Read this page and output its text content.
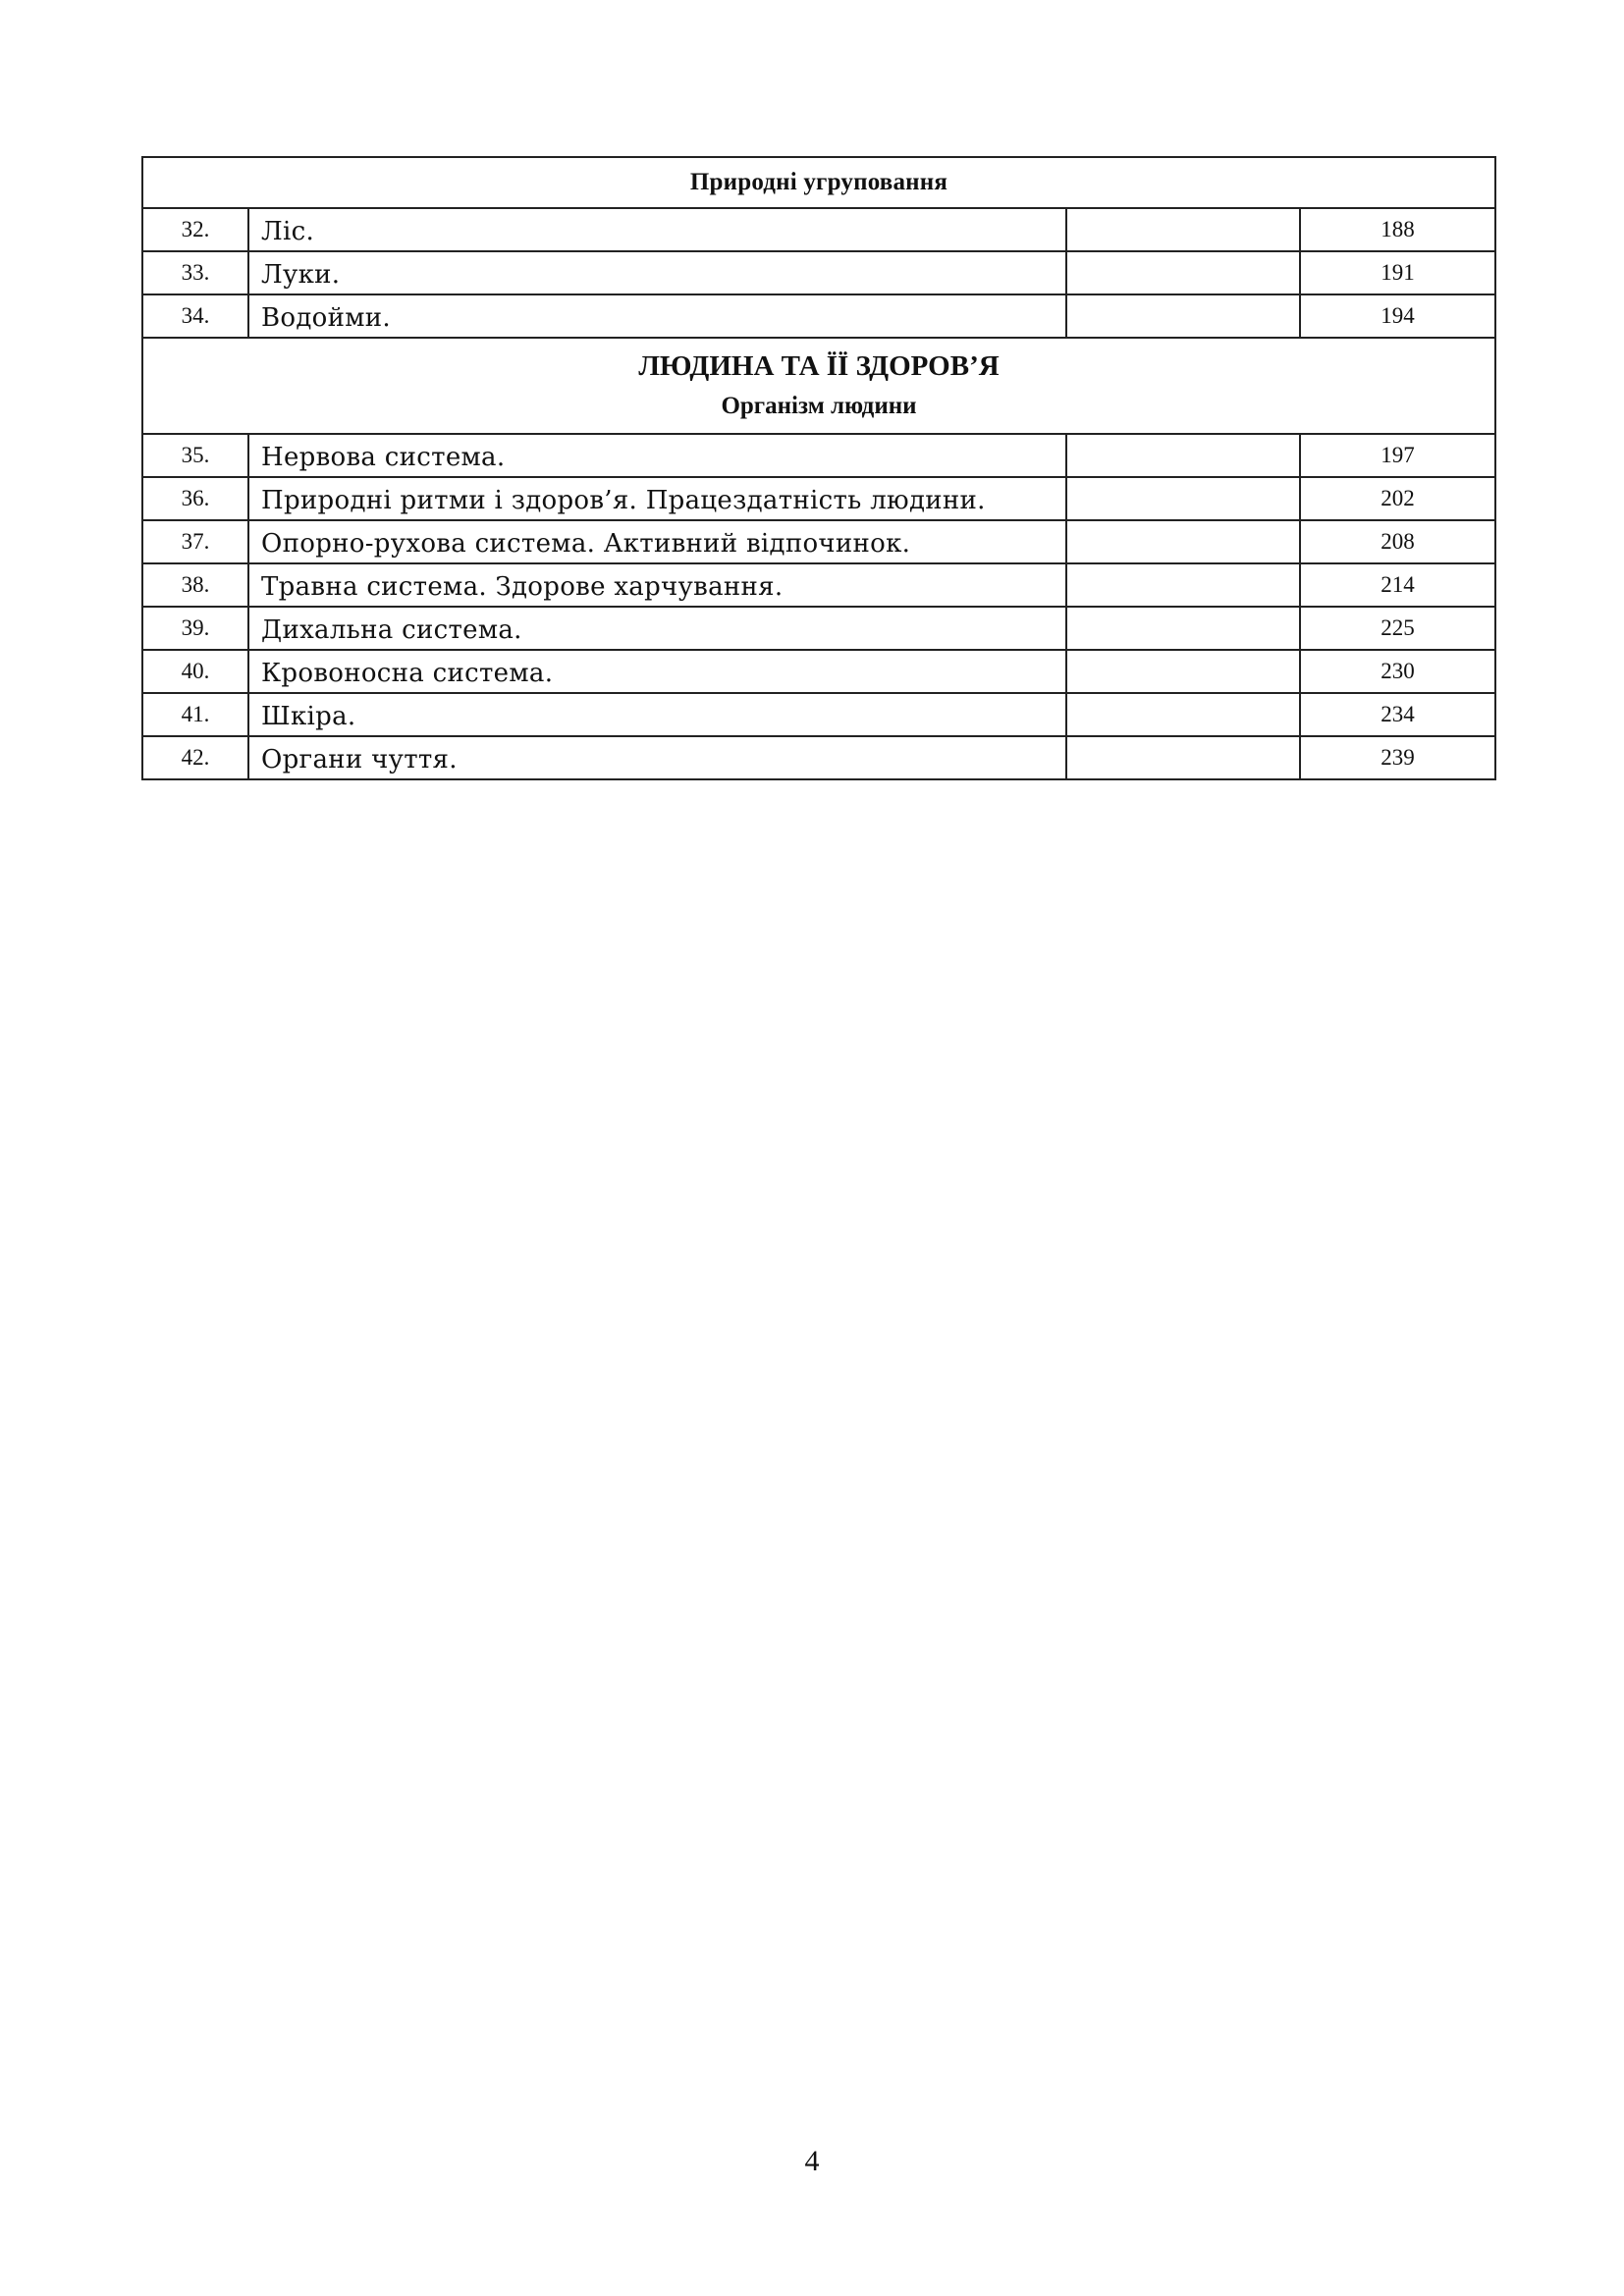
Природні угруповання			
32.	Ліс.		188
33.	Луки.		191
34.	Водойми.		194

ЛЮДИНА ТА ЇЇ ЗДОРОВ’Я
Організм людини			

35.	Нервова система.		197
36.	Природні ритми і здоров’я. Працездатність людини.		202
37.	Опорно-рухова система. Активний відпочинок.		208
38.	Травна система. Здорове харчування.		214
39.	Дихальна система.		225
40.	Кровоносна система.		230
41.	Шкіра.		234
42.	Органи чуття.		239
4
